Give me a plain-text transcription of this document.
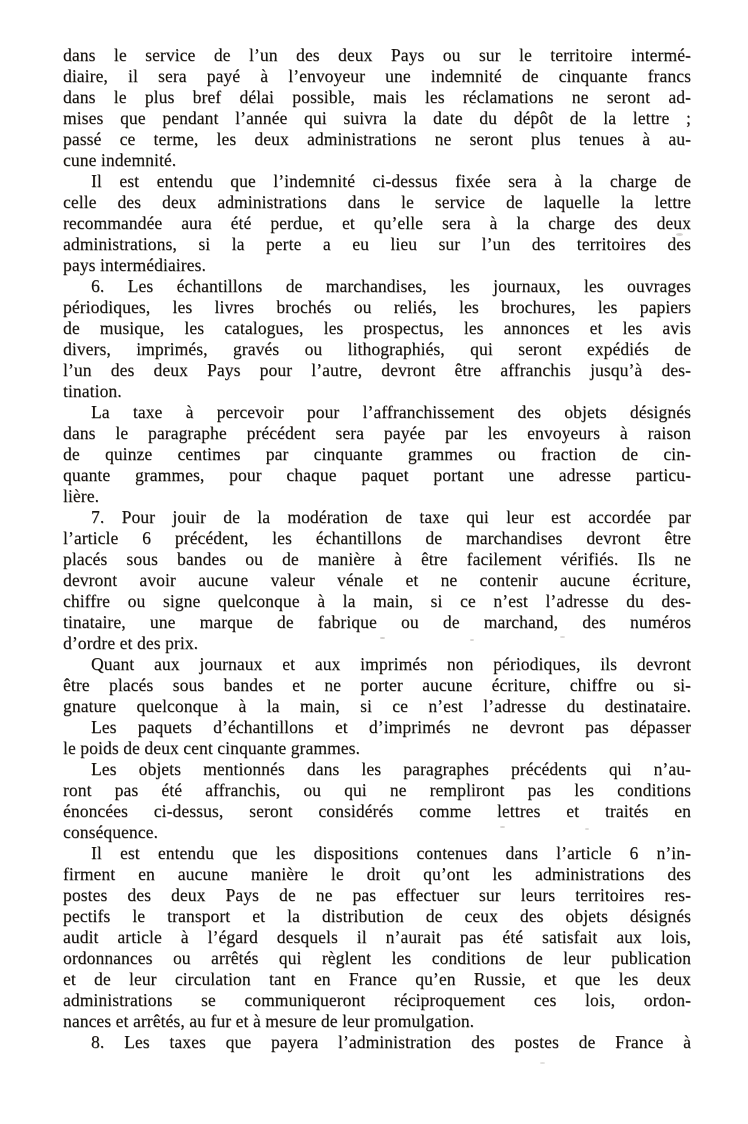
dans le service de l’un des deux Pays ou sur le territoire intermé-
diaire, il sera payé à l’envoyeur une indemnité de cinquante francs
dans le plus bref délai possible, mais les réclamations ne seront ad-
mises que pendant l’année qui suivra la date du dépôt de la lettre ;
passé ce terme, les deux administrations ne seront plus tenues à au-
cune indemnité.
Il est entendu que l’indemnité ci-dessus fixée sera à la charge de
celle des deux administrations dans le service de laquelle la lettre
recommandée aura été perdue, et qu’elle sera à la charge des deux
administrations, si la perte a eu lieu sur l’un des territoires des
pays intermédiaires.
6. Les échantillons de marchandises, les journaux, les ouvrages
périodiques, les livres brochés ou reliés, les brochures, les papiers
de musique, les catalogues, les prospectus, les annonces et les avis
divers, imprimés, gravés ou lithographiés, qui seront expédiés de
l’un des deux Pays pour l’autre, devront être affranchis jusqu’à des-
tination.
La taxe à percevoir pour l’affranchissement des objets désignés
dans le paragraphe précédent sera payée par les envoyeurs à raison
de quinze centimes par cinquante grammes ou fraction de cin-
quante grammes, pour chaque paquet portant une adresse particu-
lière.
7. Pour jouir de la modération de taxe qui leur est accordée par
l’article 6 précédent, les échantillons de marchandises devront être
placés sous bandes ou de manière à être facilement vérifiés. Ils ne
devront avoir aucune valeur vénale et ne contenir aucune écriture,
chiffre ou signe quelconque à la main, si ce n’est l’adresse du des-
tinataire, une marque de fabrique ou de marchand, des numéros
d’ordre et des prix.
Quant aux journaux et aux imprimés non périodiques, ils devront
être placés sous bandes et ne porter aucune écriture, chiffre ou si-
gnature quelconque à la main, si ce n’est l’adresse du destinataire.
Les paquets d’échantillons et d’imprimés ne devront pas dépasser
le poids de deux cent cinquante grammes.
Les objets mentionnés dans les paragraphes précédents qui n’au-
ront pas été affranchis, ou qui ne rempliront pas les conditions
énoncées ci-dessus, seront considérés comme lettres et traités en
conséquence.
Il est entendu que les dispositions contenues dans l’article 6 n’in-
firment en aucune manière le droit qu’ont les administrations des
postes des deux Pays de ne pas effectuer sur leurs territoires res-
pectifs le transport et la distribution de ceux des objets désignés
audit article à l’égard desquels il n’aurait pas été satisfait aux lois,
ordonnances ou arrêtés qui règlent les conditions de leur publication
et de leur circulation tant en France qu’en Russie, et que les deux
administrations se communiqueront réciproquement ces lois, ordon-
nances et arrêtés, au fur et à mesure de leur promulgation.
8. Les taxes que payera l’administration des postes de France à
